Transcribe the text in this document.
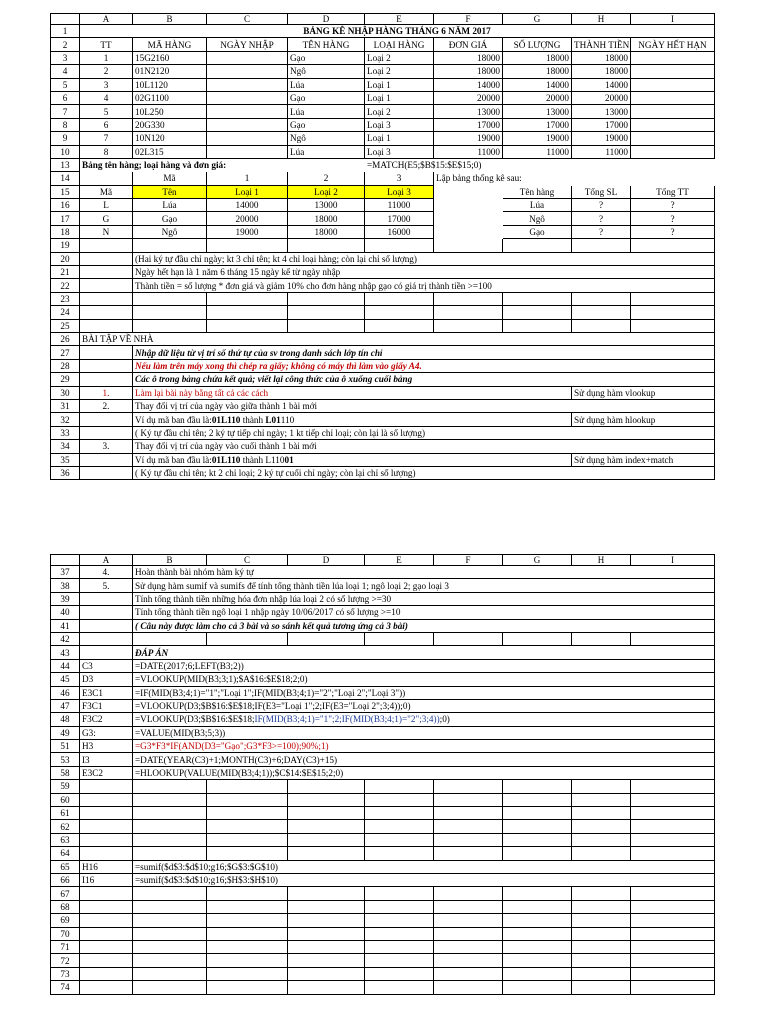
	A	B	C	D	E	F	G	H	I
1	BẢNG KÊ NHẬP HÀNG THÁNG 6 NĂM 2017								
2	TT	MÃ HÀNG	NGÀY NHẬP	TÊN HÀNG	LOẠI HÀNG	ĐƠN GIÁ	SỐ LƯỢNG	THÀNH TIỀN	NGÀY HẾT HẠN
3	1	15G2160		Gạo	Loại 2	18000	18000	18000	
4	2	01N2120		Ngô	Loại 2	18000	18000	18000	
5	3	10L1120		Lúa	Loại 1	14000	14000	14000	
6	4	02G1100		Gạo	Loại 1	20000	20000	20000	
7	5	10L250		Lúa	Loại 2	13000	13000	13000	
8	6	20G330		Gạo	Loại 3	17000	17000	17000	
9	7	10N120		Ngô	Loại 1	19000	19000	19000	
10	8	02L315		Lúa	Loại 3	11000	11000	11000	
13	Bảng tên hàng; loại hàng và đơn giá:				=MATCH(E5;$B$15:$E$15;0)				
14		Mã	1	2	3	Lập bảng thống kê sau:			
15	Mã	Tên	Loại 1	Loại 2	Loại 3		Tên hàng	Tổng SL	Tổng TT
16	L	Lúa	14000	13000	11000		Lúa	?	?
17	G	Gạo	20000	18000	17000		Ngô	?	?
18	N	Ngô	19000	18000	16000		Gạo	?	?
19									
20		(Hai ký tự đầu chỉ ngày; kt 3 chỉ tên; kt 4 chỉ loại hàng; còn lại chỉ số lượng)							
21		Ngày hết hạn là 1 năm 6 tháng 15 ngày kể từ ngày nhập							
22		Thành tiền = số lượng * đơn giá và giảm 10% cho đơn hàng nhập gạo có giá trị thành tiền >=100							
23									
24									
25									
26	BÀI TẬP VỀ NHÀ								
27		Nhập dữ liệu từ vị trí số thứ tự của sv trong danh sách lớp tín chỉ							
28		Nếu làm trên máy xong thì chép ra giấy; không có máy thì làm vào giấy A4.							
29		Các ô trong bảng chứa kết quả; viết lại công thức của ô xuống cuối bảng							
30	1.	Làm lại bài này bằng tất cả các cách						Sử dụng hàm vlookup	
31	2.	Thay đổi vị trí của ngày vào giữa thành 1 bài mới							
32		Ví dụ mã ban đầu là:01L110 thành L01110						Sử dụng hàm hlookup	
33		( Ký tự đầu chỉ tên; 2 ký tự tiếp chỉ ngày; 1 kt tiếp chỉ loại; còn lại là số lượng)							
34	3.	Thay đổi vị trí của ngày vào cuối thành 1 bài mới							
35		Ví dụ mã ban đầu là:01L110 thành L11001						Sử dụng hàm index+match	
36		( Ký tự đầu chỉ tên; kt 2 chỉ loại; 2 ký tự cuối chỉ ngày; còn lại chỉ số lượng)							
	A	B	C	D	E	F	G	H	I
37	4.	Hoàn thành bài nhóm hàm ký tự							
38	5.	Sử dụng hàm sumif và sumifs để tính tổng thành tiền lúa loại 1; ngô loại 2; gạo loại 3							
39		Tính tổng thành tiền những hóa đơn nhập lúa loại 2 có số lượng >=30							
40		Tính tổng thành tiền ngô loại 1 nhập ngày 10/06/2017 có số lượng >=10							
41		( Câu này được làm cho cả 3 bài và so sánh kết quả tương ứng cả 3 bài)							
42									
43		ĐÁP ÁN							
44	C3	=DATE(2017;6;LEFT(B3;2))							
45	D3	=VLOOKUP(MID(B3;3;1);$A$16:$E$18;2;0)							
46	E3C1	=IF(MID(B3;4;1)="1";"Loại 1";IF(MID(B3;4;1)="2";"Loại 2";"Loại 3"))							
47	F3C1	=VLOOKUP(D3;$B$16:$E$18;IF(E3="Loại 1";2;IF(E3="Loại 2";3;4));0)							
48	F3C2	=VLOOKUP(D3;$B$16:$E$18;IF(MID(B3;4;1)="1";2;IF(MID(B3;4;1)="2";3;4));0)							
49	G3:	=VALUE(MID(B3;5;3))							
51	H3	=G3*F3*IF(AND(D3="Gạo";G3*F3>=100);90%;1)							
53	I3	=DATE(YEAR(C3)+1;MONTH(C3)+6;DAY(C3)+15)							
58	E3C2	=HLOOKUP(VALUE(MID(B3;4;1));$C$14:$E$15;2;0)							
59									
60									
61									
62									
63									
64									
65	H16	=sumif($d$3:$d$10;g16;$G$3:$G$10)							
66	I16	=sumif($d$3:$d$10;g16;$H$3:$H$10)							
67									
68									
69									
70									
71									
72									
73									
74									
